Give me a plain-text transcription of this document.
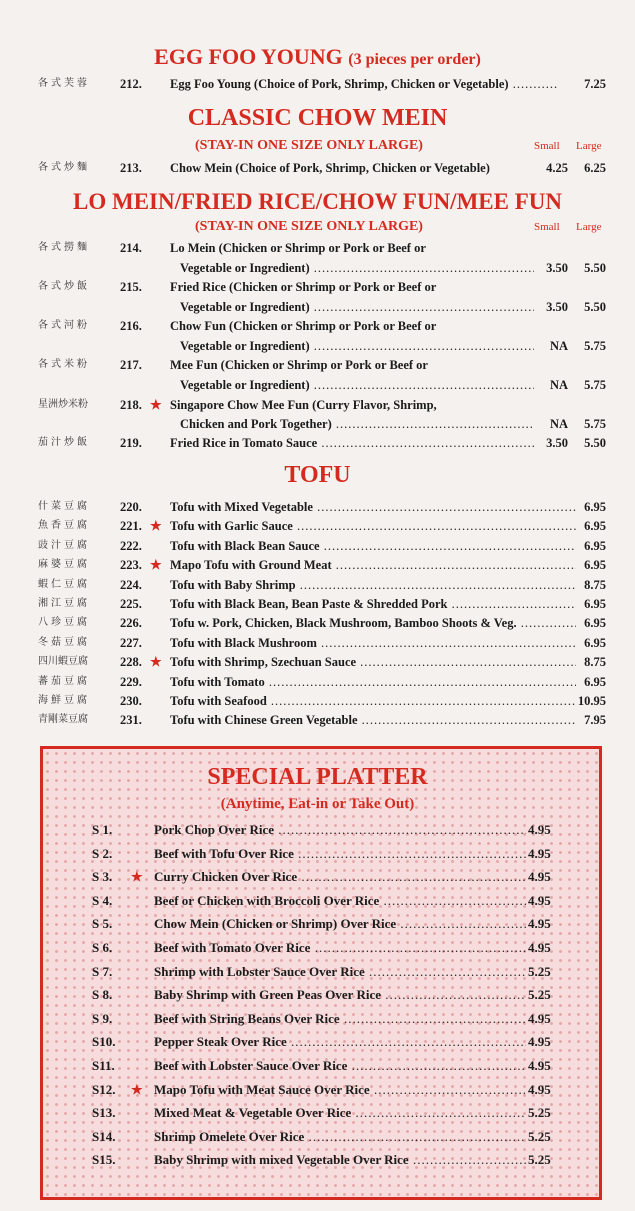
EGG FOO YOUNG (3 pieces per order)
各式芙蓉 212. Egg Foo Young (Choice of Pork, Shrimp, Chicken or Vegetable) .....	7.25
CLASSIC CHOW MEIN
(STAY-IN ONE SIZE ONLY LARGE)	Small Large
各式炒麵 213. Chow Mein (Choice of Pork, Shrimp, Chicken or Vegetable)	4.25	6.25
LO MEIN/FRIED RICE/CHOW FUN/MEE FUN
(STAY-IN ONE SIZE ONLY LARGE)	Small Large
各式撈麵 214. Lo Mein (Chicken or Shrimp or Pork or Beef or
Vegetable or Ingredient) .....	3.50	5.50
各式炒飯 215. Fried Rice (Chicken or Shrimp or Pork or Beef or
Vegetable or Ingredient) .....	3.50	5.50
各式河粉 216. Chow Fun (Chicken or Shrimp or Pork or Beef or
Vegetable or Ingredient) .....	NA	5.75
各式米粉 217. Mee Fun (Chicken or Shrimp or Pork or Beef or
Vegetable or Ingredient) .....	NA	5.75
星洲炒米粉	218. ★ Singapore Chow Mee Fun (Curry Flavor, Shrimp,
Chicken and Pork Together) .....	NA	5.75
茄汁炒飯 219. Fried Rice in Tomato Sauce .....	3.50	5.50
TOFU
什菜豆腐 220. Tofu with Mixed Vegetable .....	6.95
魚香豆腐 221. ★ Tofu with Garlic Sauce .....	6.95
豉汁豆腐 222. Tofu with Black Bean Sauce .....	6.95
麻婆豆腐 223. ★ Mapo Tofu with Ground Meat .....	6.95
蝦仁豆腐 224. Tofu with Baby Shrimp .....	8.75
湘江豆腐 225. Tofu with Black Bean, Bean Paste & Shredded Pork .....	6.95
八珍豆腐 226. Tofu w. Pork, Chicken, Black Mushroom, Bamboo Shoots & Veg. .....	6.95
冬菇豆腐 227. Tofu with Black Mushroom .....	6.95
四川蝦豆腐	228. ★ Tofu with Shrimp, Szechuan Sauce .....	8.75
蕃茄豆腐 229. Tofu with Tomato .....	6.95
海鮮豆腐 230. Tofu with Seafood .....	10.95
青剛菜豆腐	231. Tofu with Chinese Green Vegetable .....	7.95
SPECIAL PLATTER
(Anytime, Eat-in or Take Out)
S 1.	Pork Chop Over Rice .....	4.95
S 2.	Beef with Tofu Over Rice .....	4.95
S 3. ★ Curry Chicken Over Rice .....	4.95
S 4.	Beef or Chicken with Broccoli Over Rice .....	4.95
S 5.	Chow Mein (Chicken or Shrimp) Over Rice .....	4.95
S 6.	Beef with Tomato Over Rice .....	4.95
S 7.	Shrimp with Lobster Sauce Over Rice .....	5.25
S 8.	Baby Shrimp with Green Peas Over Rice .....	5.25
S 9.	Beef with String Beans Over Rice .....	4.95
S10.	Pepper Steak Over Rice .....	4.95
S11.	Beef with Lobster Sauce Over Rice .....	4.95
S12. ★ Mapo Tofu with Meat Sauce Over Rice .....	4.95
S13.	Mixed Meat & Vegetable Over Rice .....	5.25
S14.	Shrimp Omelete Over Rice .....	5.25
S15.	Baby Shrimp with mixed Vegetable Over Rice .....	5.25
